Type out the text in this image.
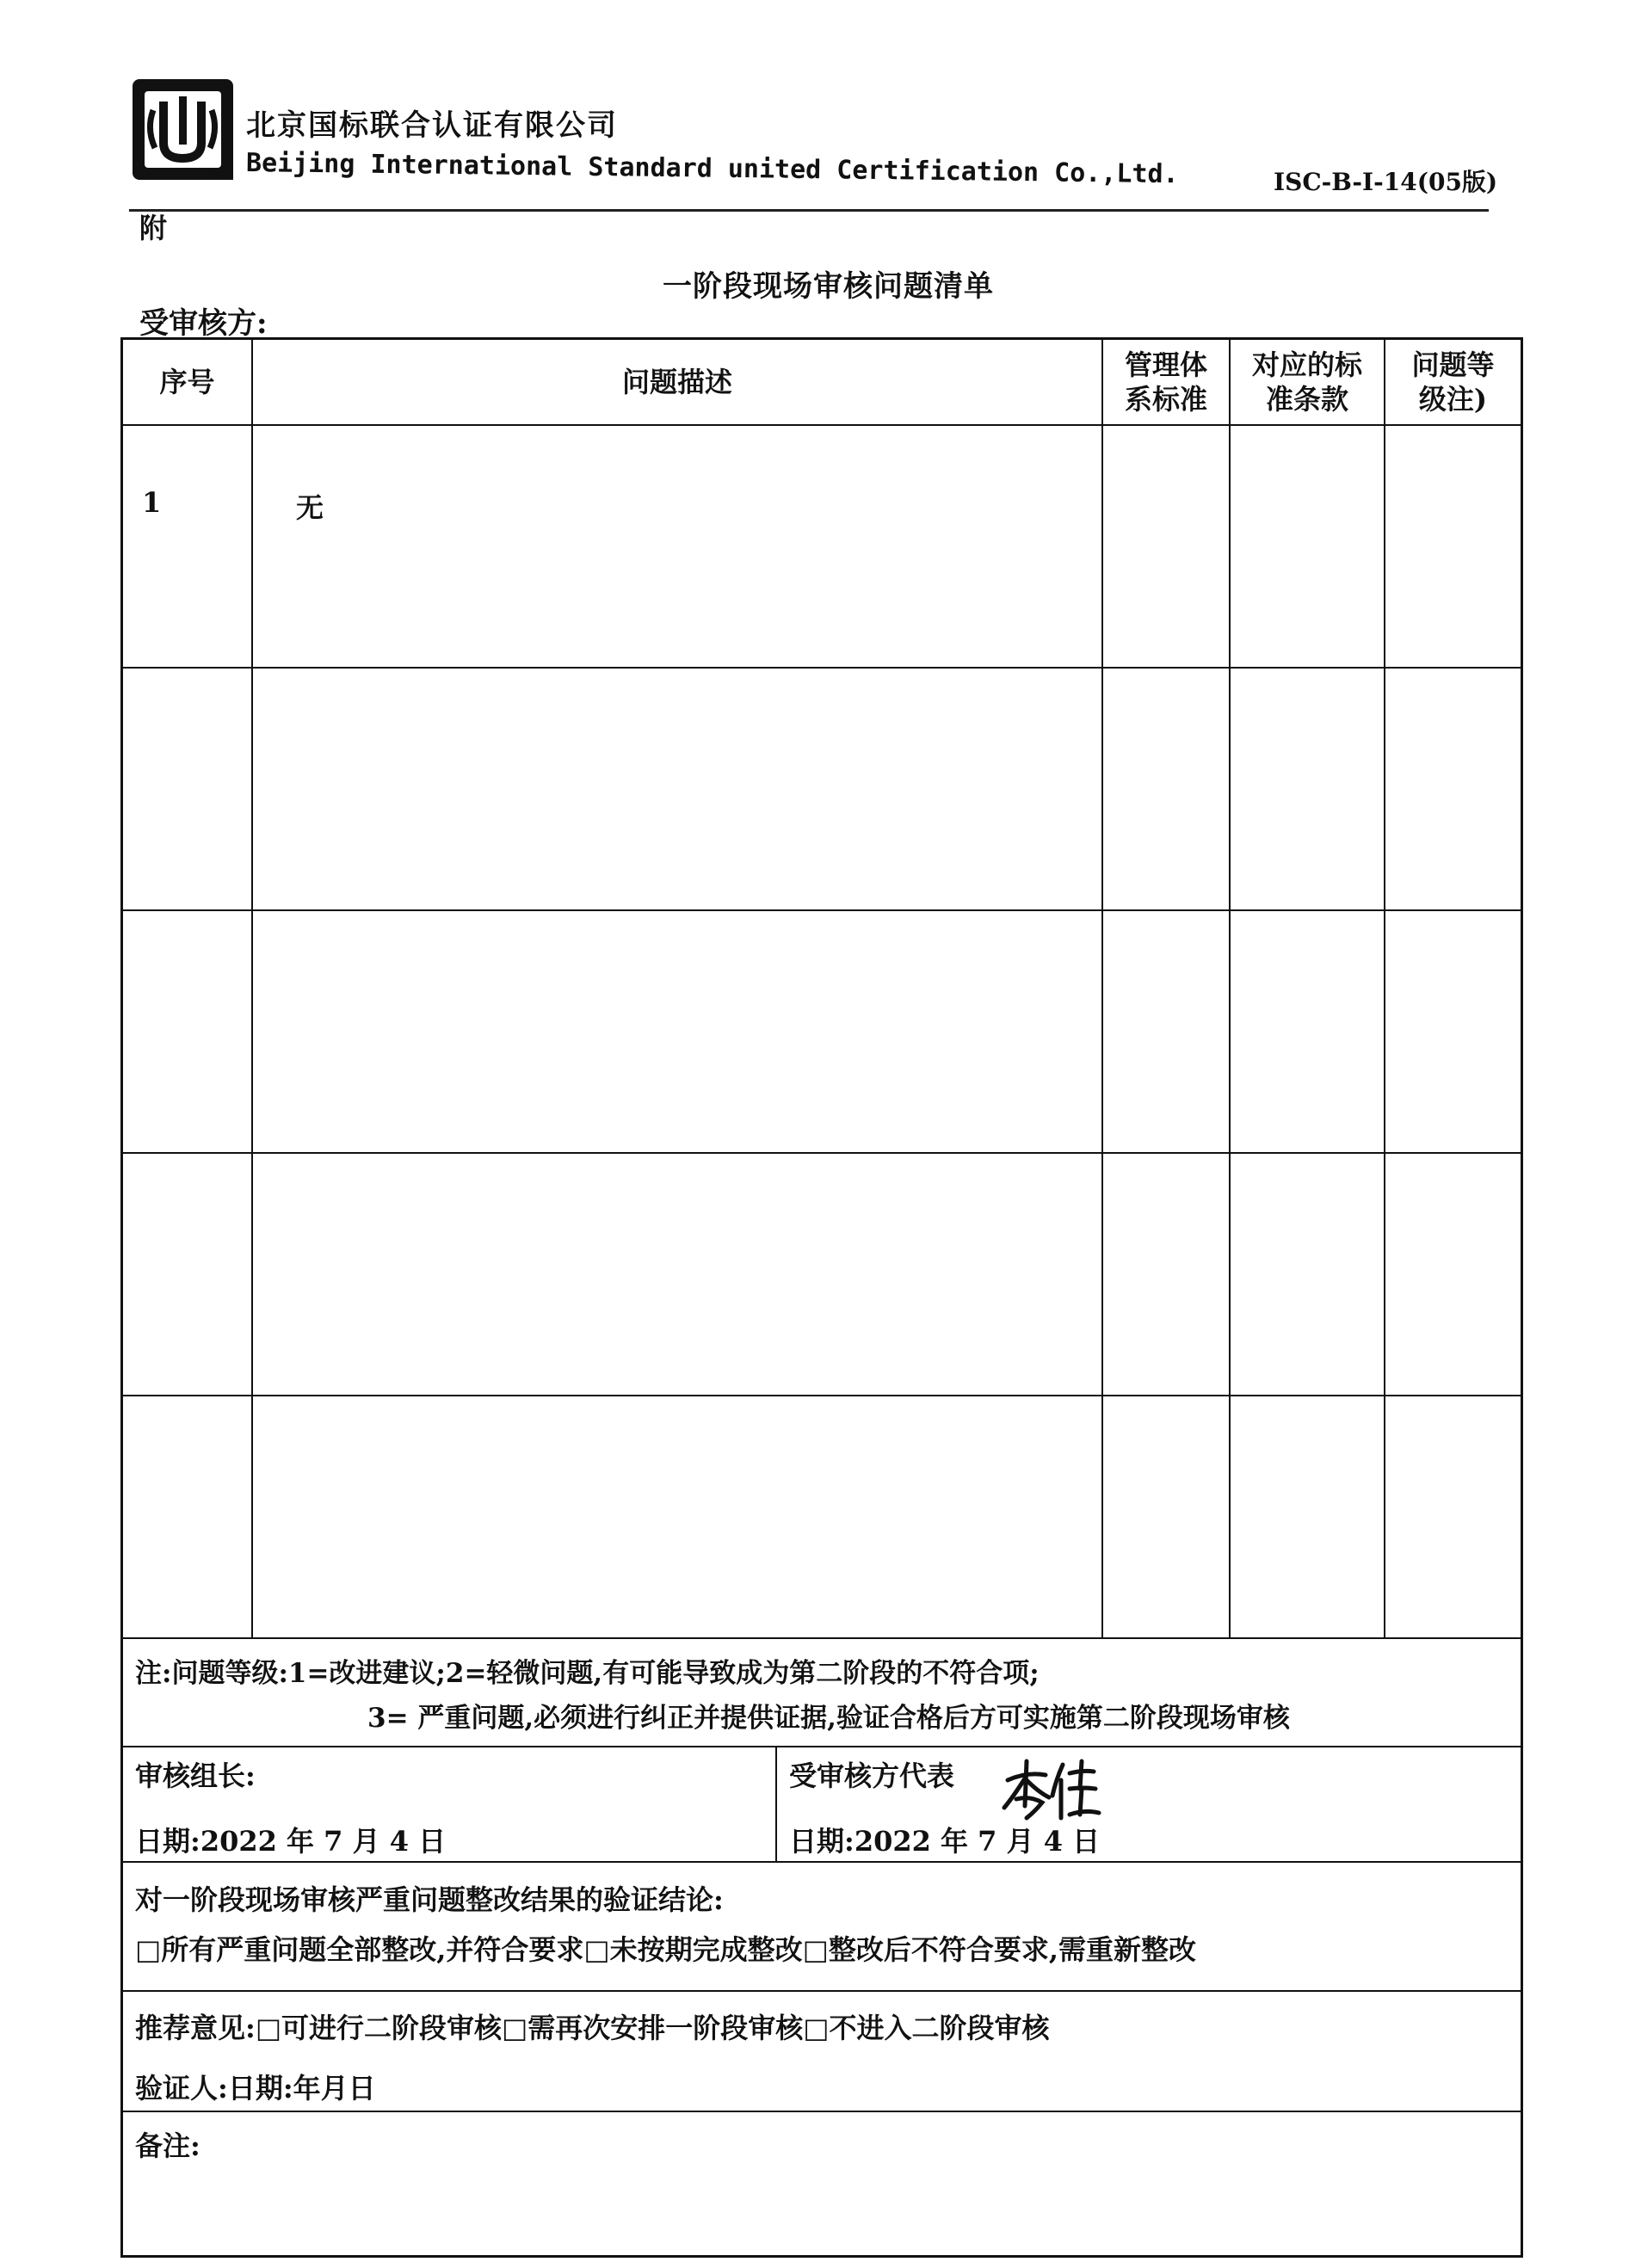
北京国标联合认证有限公司
Beijing International Standard united Certification Co.,Ltd.	ISC-B-I-14(05版)
附
一阶段现场审核问题清单
受审核方:
序号	问题描述	管理体系标准	对应的标准条款	问题等级注)
1	无			

注:问题等级:1=改进建议;2=轻微问题,有可能导致成为第二阶段的不符合项;
3= 严重问题,必须进行纠正并提供证据,验证合格后方可实施第二阶段现场审核
审核组长:
日期:2022 年 7 月 4 日
受审核方代表
日期:2022 年 7 月 4 日
对一阶段现场审核严重问题整改结果的验证结论:
□所有严重问题全部整改,并符合要求□未按期完成整改□整改后不符合要求,需重新整改
推荐意见:□可进行二阶段审核□需再次安排一阶段审核□不进入二阶段审核
验证人:日期:年月日
备注:
